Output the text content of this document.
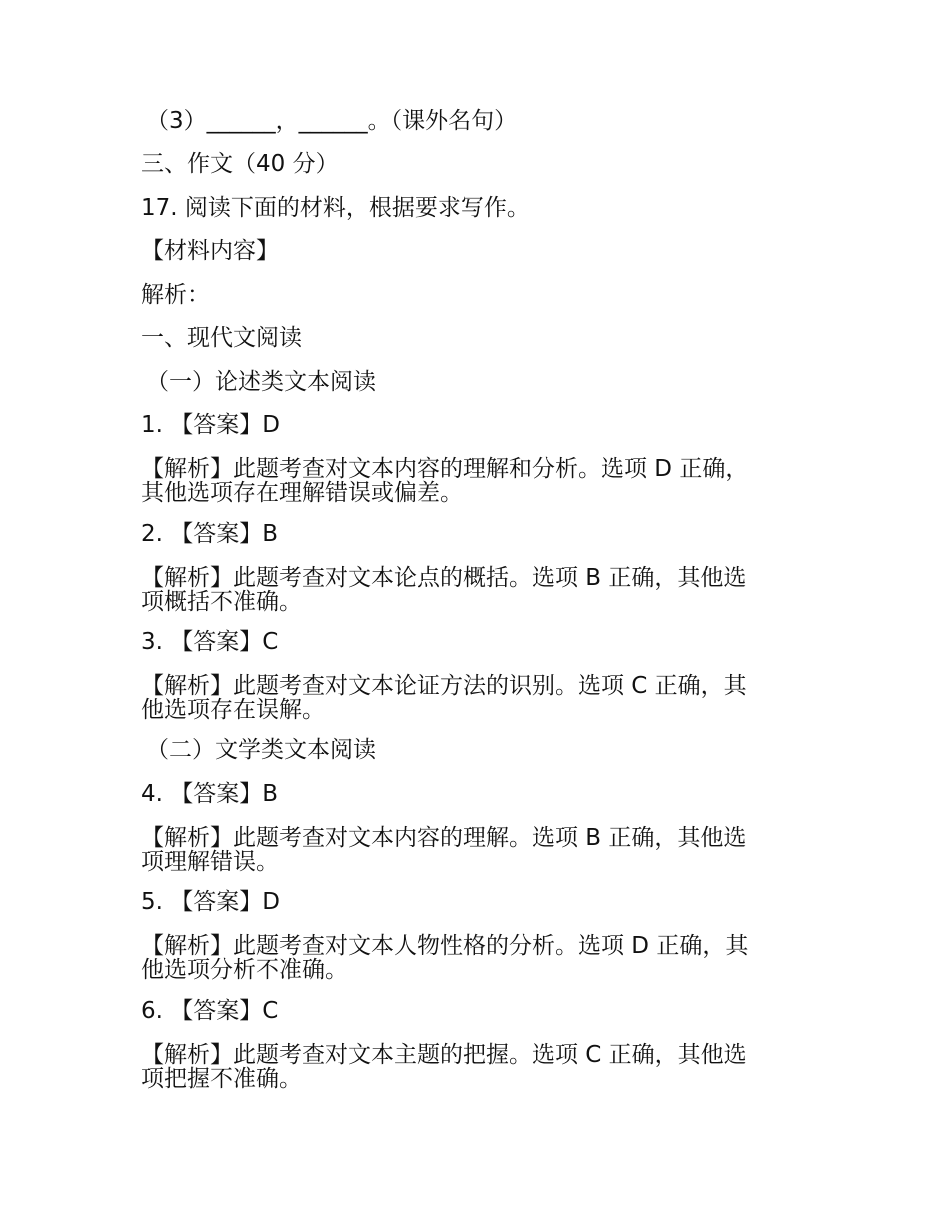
（3）______，______。（课外名句）
三、作文（40 分）
17. 阅读下面的材料，根据要求写作。
【材料内容】
解析：
一、现代文阅读
（一）论述类文本阅读
1. 【答案】D
【解析】此题考查对文本内容的理解和分析。选项 D 正确，
其他选项存在理解错误或偏差。
2. 【答案】B
【解析】此题考查对文本论点的概括。选项 B 正确，其他选
项概括不准确。
3. 【答案】C
【解析】此题考查对文本论证方法的识别。选项 C 正确，其
他选项存在误解。
（二）文学类文本阅读
4. 【答案】B
【解析】此题考查对文本内容的理解。选项 B 正确，其他选
项理解错误。
5. 【答案】D
【解析】此题考查对文本人物性格的分析。选项 D 正确，其
他选项分析不准确。
6. 【答案】C
【解析】此题考查对文本主题的把握。选项 C 正确，其他选
项把握不准确。
